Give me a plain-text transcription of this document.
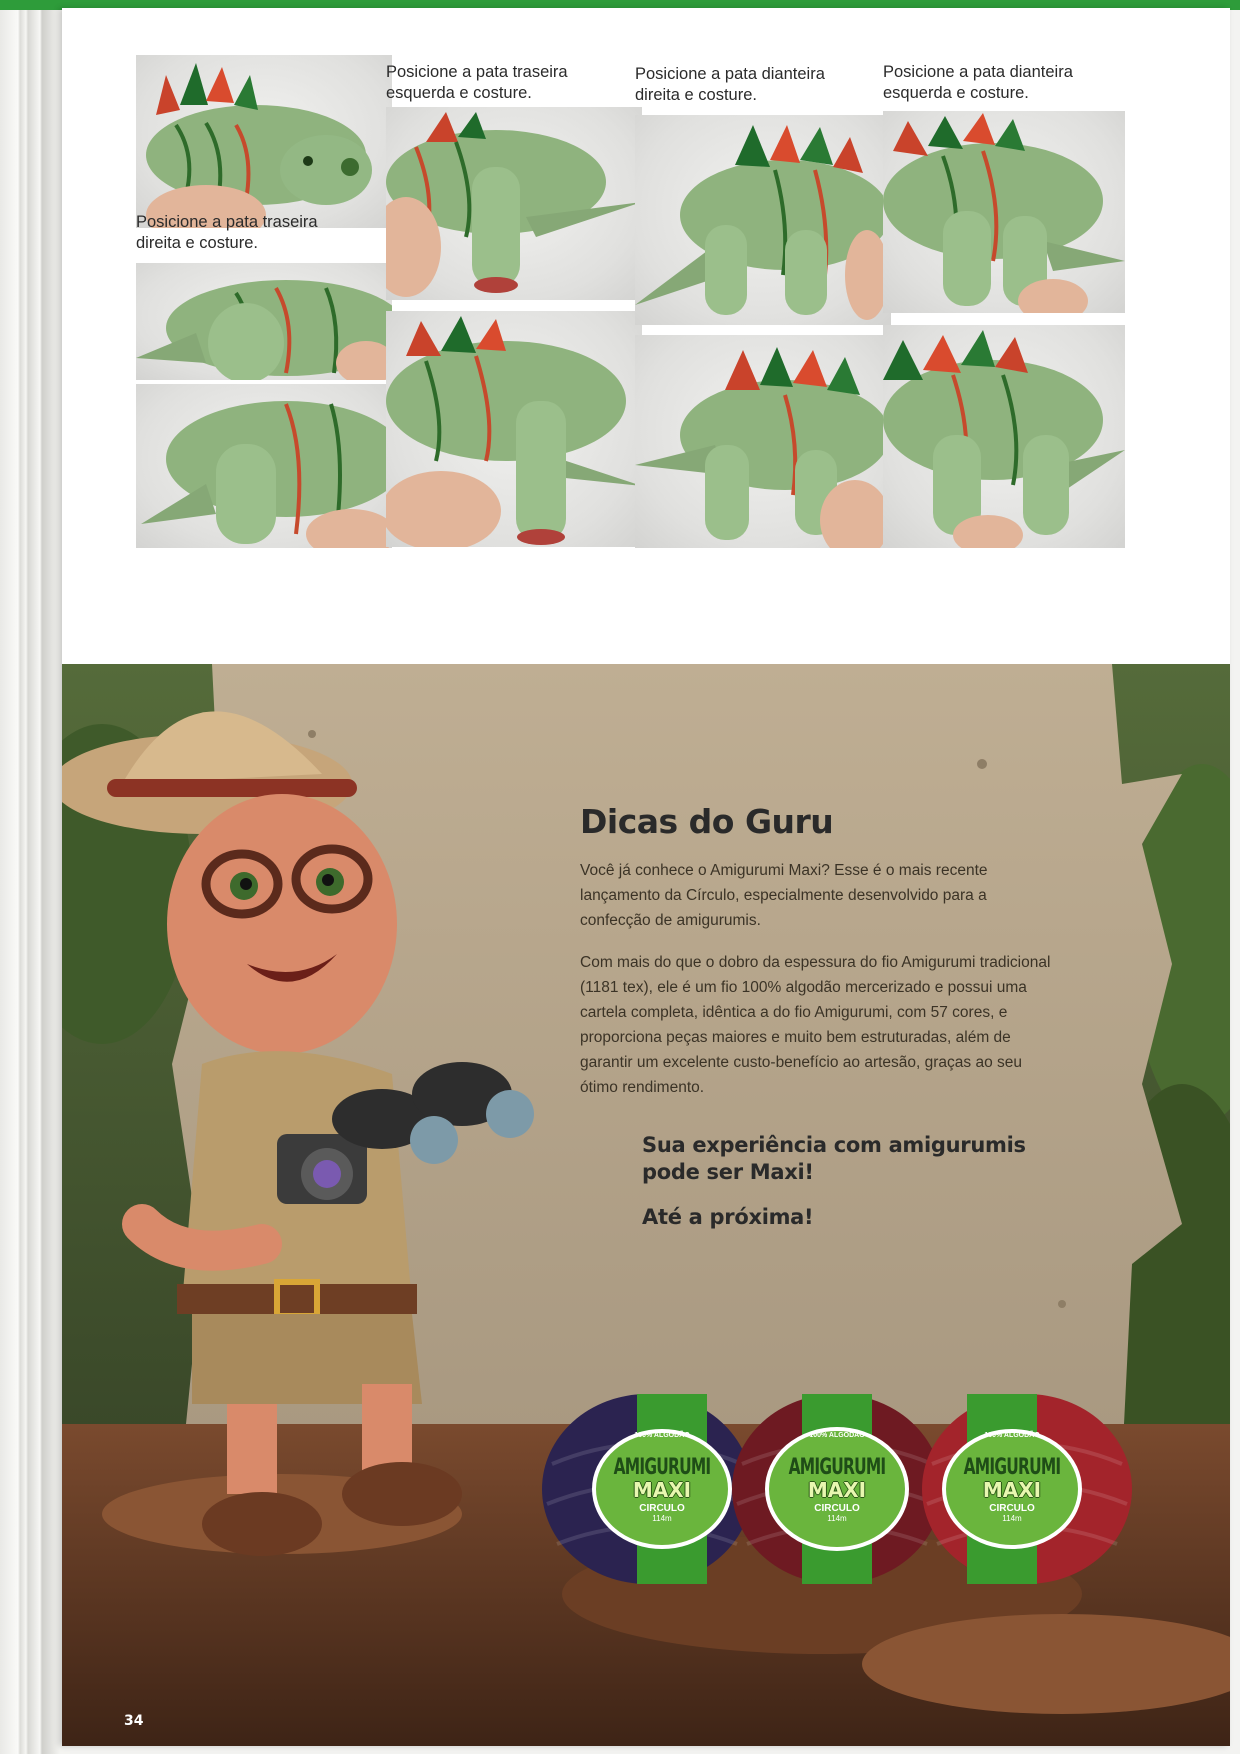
Posicione a pata traseira
direita e costure.
Posicione a pata traseira
esquerda e costure.
Posicione a pata dianteira
direita e costure.
Posicione a pata dianteira
esquerda e costure.
Dicas do Guru
Você já conhece o Amigurumi Maxi? Esse é o mais recente lançamento da Círculo, especialmente desenvolvido para a confecção de amigurumis.
Com mais do que o dobro da espessura do fio Amigurumi tradicional (1181 tex), ele é um fio 100% algodão mercerizado e possui uma cartela completa, idêntica a do fio Amigurumi, com 57 cores, e proporciona peças maiores e muito bem estruturadas, além de garantir um excelente custo-benefício ao artesão, graças ao seu ótimo rendimento.
Sua experiência com amigurumis pode ser Maxi!
Até a próxima!
100% ALGODÃO
AMIGURUMI
MAXI
CIRCULO
114m
100% ALGODÃO
AMIGURUMI
MAXI
CIRCULO
114m
100% ALGODÃO
AMIGURUMI
MAXI
CIRCULO
114m
34
